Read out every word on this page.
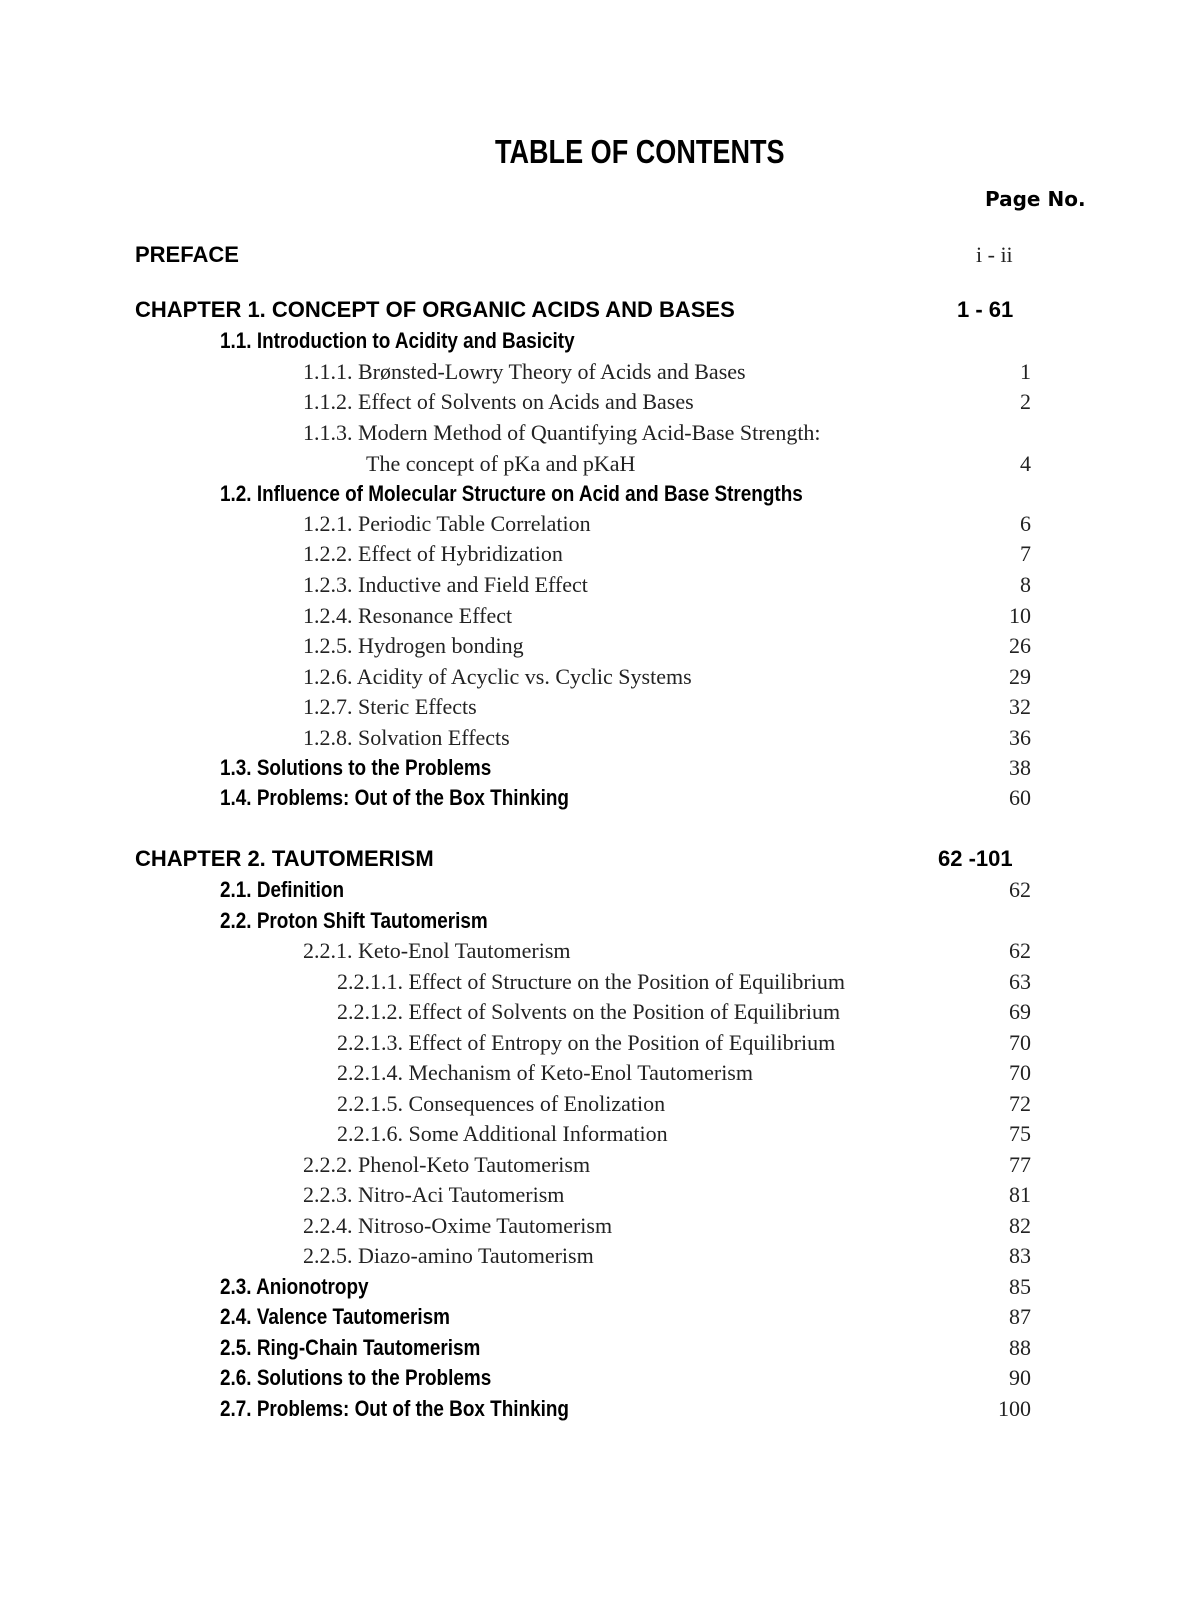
TABLE OF CONTENTS
Page No.
PREFACE	i - ii
CHAPTER 1. CONCEPT OF ORGANIC ACIDS AND BASES	1 - 61
1.1. Introduction to Acidity and Basicity
1.1.1. Brønsted-Lowry Theory of Acids and Bases	1
1.1.2. Effect of Solvents on Acids and Bases	2
1.1.3. Modern Method of Quantifying Acid-Base Strength:
The concept of pKa and pKaH	4
1.2. Influence of Molecular Structure on Acid and Base Strengths
1.2.1. Periodic Table Correlation	6
1.2.2. Effect of Hybridization	7
1.2.3. Inductive and Field Effect	8
1.2.4. Resonance Effect	10
1.2.5. Hydrogen bonding	26
1.2.6. Acidity of Acyclic vs. Cyclic Systems	29
1.2.7. Steric Effects	32
1.2.8. Solvation Effects	36
1.3. Solutions to the Problems	38
1.4. Problems: Out of the Box Thinking	60
CHAPTER 2. TAUTOMERISM	62 -101
2.1. Definition	62
2.2. Proton Shift Tautomerism
2.2.1. Keto-Enol Tautomerism	62
2.2.1.1. Effect of Structure on the Position of Equilibrium	63
2.2.1.2. Effect of Solvents on the Position of Equilibrium	69
2.2.1.3. Effect of Entropy on the Position of Equilibrium	70
2.2.1.4. Mechanism of Keto-Enol Tautomerism	70
2.2.1.5. Consequences of Enolization	72
2.2.1.6. Some Additional Information	75
2.2.2. Phenol-Keto Tautomerism	77
2.2.3. Nitro-Aci Tautomerism	81
2.2.4. Nitroso-Oxime Tautomerism	82
2.2.5. Diazo-amino Tautomerism	83
2.3. Anionotropy	85
2.4. Valence Tautomerism	87
2.5. Ring-Chain Tautomerism	88
2.6. Solutions to the Problems	90
2.7. Problems: Out of the Box Thinking	100
